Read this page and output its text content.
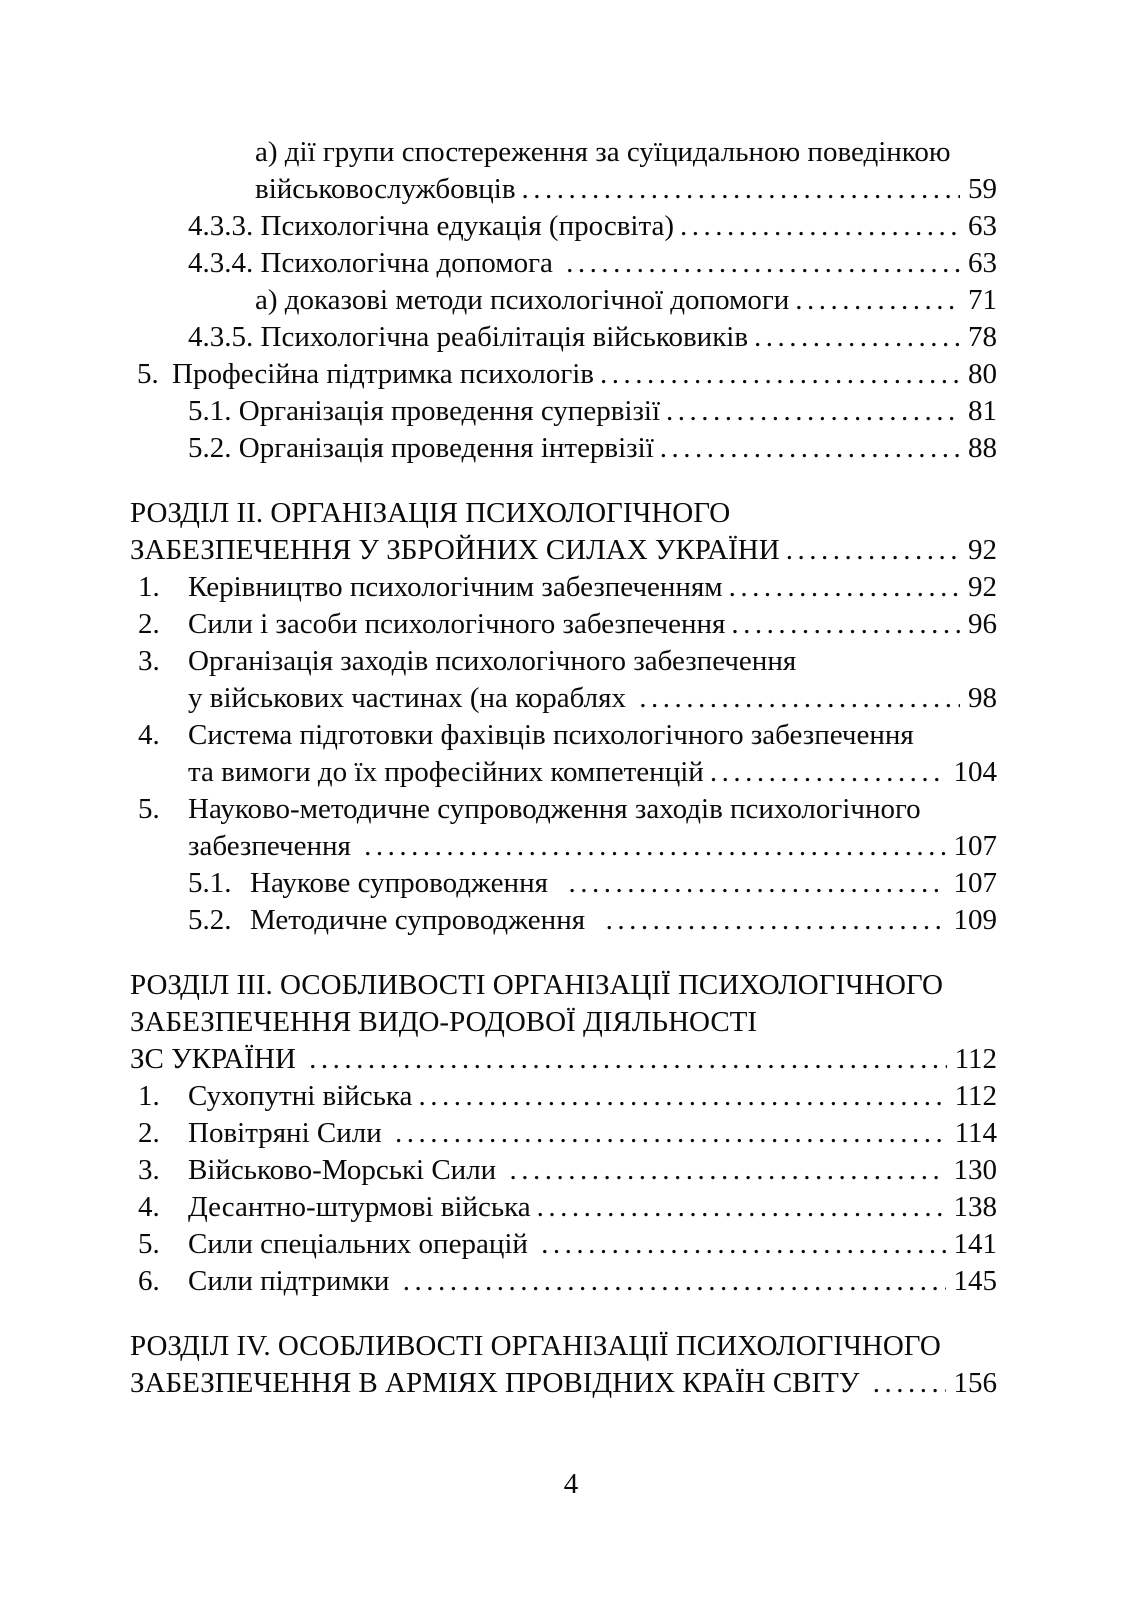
а) дії групи спостереження за суїцидальною поведінкою
військовослужбовців .....	59
4.3.3. Психологічна едукація (просвіта) .....	63
4.3.4. Психологічна допомога .....	63
а) доказові методи психологічної допомоги .....	71
4.3.5. Психологічна реабілітація військовиків .....	78
5. Професійна підтримка психологів .....	80
5.1. Організація проведення супервізії .....	81
5.2. Організація проведення інтервізії .....	88
РОЗДІЛ ІІ. ОРГАНІЗАЦІЯ ПСИХОЛОГІЧНОГО
ЗАБЕЗПЕЧЕННЯ У ЗБРОЙНИХ СИЛАХ УКРАЇНИ .....	92
1. Керівництво психологічним забезпеченням .....	92
2. Сили і засоби психологічного забезпечення .....	96
3. Організація заходів психологічного забезпечення
у військових частинах (на кораблях .....	98
4. Система підготовки фахівців психологічного забезпечення
та вимоги до їх професійних компетенцій .....	104
5. Науково-методичне супроводження заходів психологічного
забезпечення .....	107
5.1. Наукове супроводження .....	107
5.2. Методичне супроводження .....	109
РОЗДІЛ ІІІ. ОСОБЛИВОСТІ ОРГАНІЗАЦІЇ ПСИХОЛОГІЧНОГО
ЗАБЕЗПЕЧЕННЯ ВИДО-РОДОВОЇ ДІЯЛЬНОСТІ
ЗС УКРАЇНИ .....	112
1. Сухопутні війська .....	112
2. Повітряні Сили .....	114
3. Військово-Морські Сили .....	130
4. Десантно-штурмові війська .....	138
5. Сили спеціальних операцій .....	141
6. Сили підтримки .....	145
РОЗДІЛ IV. ОСОБЛИВОСТІ ОРГАНІЗАЦІЇ ПСИХОЛОГІЧНОГО
ЗАБЕЗПЕЧЕННЯ В АРМІЯХ ПРОВІДНИХ КРАЇН СВІТУ .....	156
4
